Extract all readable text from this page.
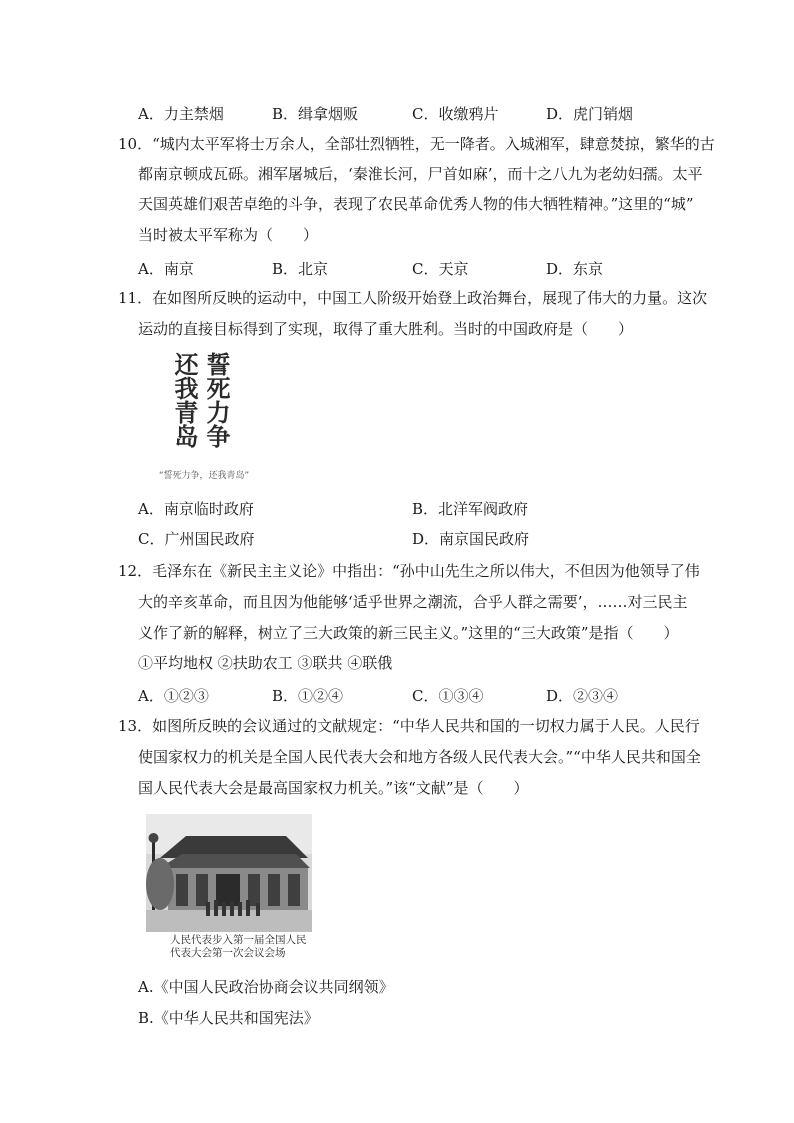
A．力主禁烟	B．缉拿烟贩	C．收缴鸦片	D．虎门销烟
10．“城内太平军将士万余人，全部壮烈牺牲，无一降者。入城湘军，肆意焚掠，繁华的古
都南京顿成瓦砾。湘军屠城后，‘秦淮长河，尸首如麻’，而十之八九为老幼妇孺。太平
天国英雄们艰苦卓绝的斗争，表现了农民革命优秀人物的伟大牺牲精神。”这里的“城”
当时被太平军称为（　　）
A．南京	B．北京	C．天京	D．东京
11．在如图所反映的运动中，中国工人阶级开始登上政治舞台，展现了伟大的力量。这次
运动的直接目标得到了实现，取得了重大胜利。当时的中国政府是（　　）
誓死力争
还我青岛
“誓死力争，还我青岛”
A．南京临时政府	B．北洋军阀政府
C．广州国民政府	D．南京国民政府
12．毛泽东在《新民主主义论》中指出：“孙中山先生之所以伟大，不但因为他领导了伟
大的辛亥革命，而且因为他能够‘适乎世界之潮流，合乎人群之需要’，……对三民主
义作了新的解释，树立了三大政策的新三民主义。”这里的“三大政策”是指（　　）
①平均地权 ②扶助农工 ③联共 ④联俄
A．①②③	B．①②④	C．①③④	D．②③④
13．如图所反映的会议通过的文献规定：“中华人民共和国的一切权力属于人民。人民行
使国家权力的机关是全国人民代表大会和地方各级人民代表大会。”“中华人民共和国全
国人民代表大会是最高国家权力机关。”该“文献”是（　　）
人民代表步入第一届全国人民
代表大会第一次会议会场
A.《中国人民政治协商会议共同纲领》
B.《中华人民共和国宪法》
